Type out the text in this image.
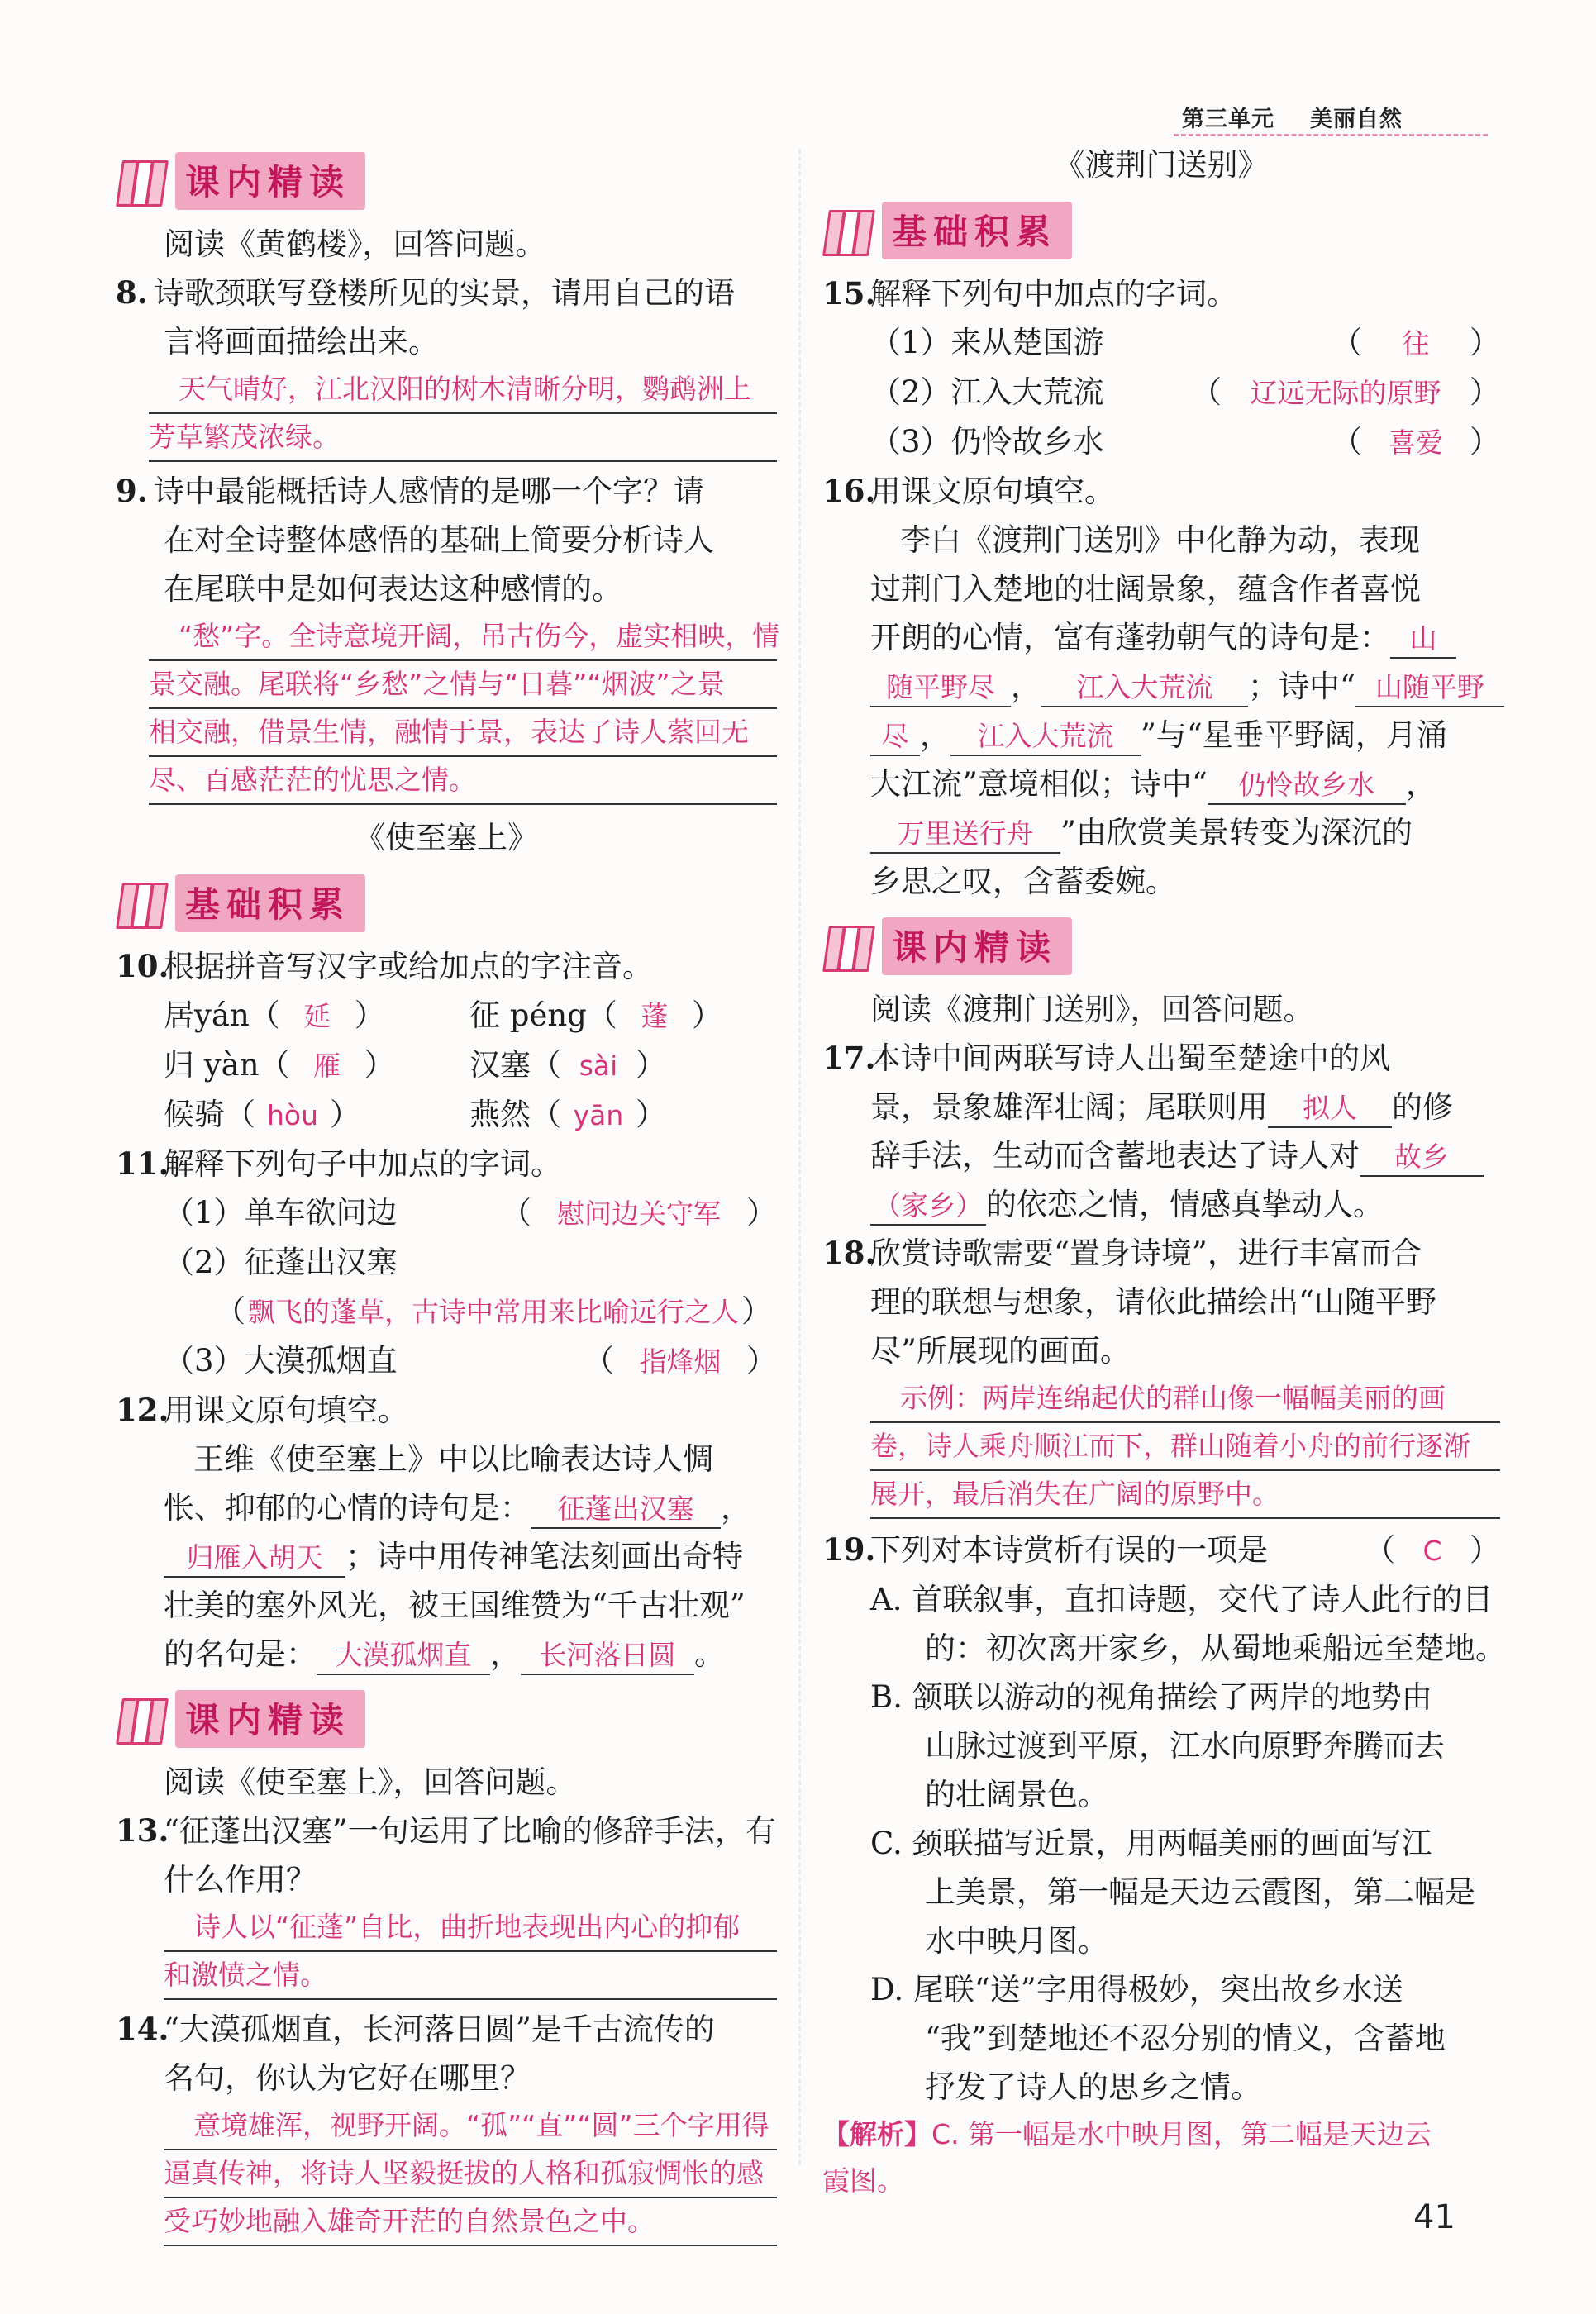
第三单元 美丽自然
课内精读
阅读《黄鹤楼》，回答问题。
8. 诗歌颈联写登楼所见的实景，请用自己的语
言将画面描绘出来。
天气晴好，江北汉阳的树木清晰分明，鹦鹉洲上
芳草繁茂浓绿。
9. 诗中最能概括诗人感情的是哪一个字？请
在对全诗整体感悟的基础上简要分析诗人
在尾联中是如何表达这种感情的。
“愁”字。全诗意境开阔，吊古伤今，虚实相映，情
景交融。尾联将“乡愁”之情与“日暮”“烟波”之景
相交融，借景生情，融情于景，表达了诗人萦回无
尽、百感茫茫的忧思之情。
《使至塞上》
基础积累
10.根据拼音写汉字或给加点的字注音。
居yán（ 延 ）	征 péng（ 蓬 ）
归 yàn（ 雁 ）	汉塞（ sài ）
候骑（ hòu ）	燕然（ yān ）
11.解释下列句子中加点的字词。
（1）单车欲问边	（ 慰问边关守军 ）
（2）征蓬出汉塞
（飘飞的蓬草，古诗中常用来比喻远行之人）
（3）大漠孤烟直	（ 指烽烟 ）
12.用课文原句填空。
王维《使至塞上》中以比喻表达诗人惆
怅、抑郁的心情的诗句是： 征蓬出汉塞 ，
归雁入胡天 ；诗中用传神笔法刻画出奇特
壮美的塞外风光，被王国维赞为“千古壮观”
的名句是： 大漠孤烟直 ， 长河落日圆 。
课内精读
阅读《使至塞上》，回答问题。
13.“征蓬出汉塞”一句运用了比喻的修辞手法，有
什么作用？
诗人以“征蓬”自比，曲折地表现出内心的抑郁
和激愤之情。
14.“大漠孤烟直，长河落日圆”是千古流传的
名句，你认为它好在哪里？
意境雄浑，视野开阔。“孤”“直”“圆”三个字用得
逼真传神，将诗人坚毅挺拔的人格和孤寂惆怅的感
受巧妙地融入雄奇开茫的自然景色之中。
《渡荆门送别》
基础积累
15.解释下列句中加点的字词。
（1）来从楚国游	（ 往 ）
（2）江入大荒流	（ 辽远无际的原野 ）
（3）仍怜故乡水	（ 喜爱 ）
16.用课文原句填空。
李白《渡荆门送别》中化静为动，表现
过荆门入楚地的壮阔景象，蕴含作者喜悦
开朗的心情，富有蓬勃朝气的诗句是： 山
随平野尽 ， 江入大荒流 ；诗中“ 山随平野
尽 ， 江入大荒流 ”与“星垂平野阔，月涌
大江流”意境相似；诗中“ 仍怜故乡水 ，
万里送行舟 ”由欣赏美景转变为深沉的
乡思之叹，含蓄委婉。
课内精读
阅读《渡荆门送别》，回答问题。
17.本诗中间两联写诗人出蜀至楚途中的风
景，景象雄浑壮阔；尾联则用 拟人 的修
辞手法，生动而含蓄地表达了诗人对 故乡
（家乡） 的依恋之情，情感真挚动人。
18.欣赏诗歌需要“置身诗境”，进行丰富而合
理的联想与想象，请依此描绘出“山随平野
尽”所展现的画面。
示例：两岸连绵起伏的群山像一幅幅美丽的画
卷，诗人乘舟顺江而下，群山随着小舟的前行逐渐
展开，最后消失在广阔的原野中。
19.下列对本诗赏析有误的一项是	（ C ）
A. 首联叙事，直扣诗题，交代了诗人此行的目
的：初次离开家乡，从蜀地乘船远至楚地。
B. 颔联以游动的视角描绘了两岸的地势由
山脉过渡到平原，江水向原野奔腾而去
的壮阔景色。
C. 颈联描写近景，用两幅美丽的画面写江
上美景，第一幅是天边云霞图，第二幅是
水中映月图。
D. 尾联“送”字用得极妙，突出故乡水送
“我”到楚地还不忍分别的情义，含蓄地
抒发了诗人的思乡之情。
【解析】C. 第一幅是水中映月图，第二幅是天边云
霞图。
41
